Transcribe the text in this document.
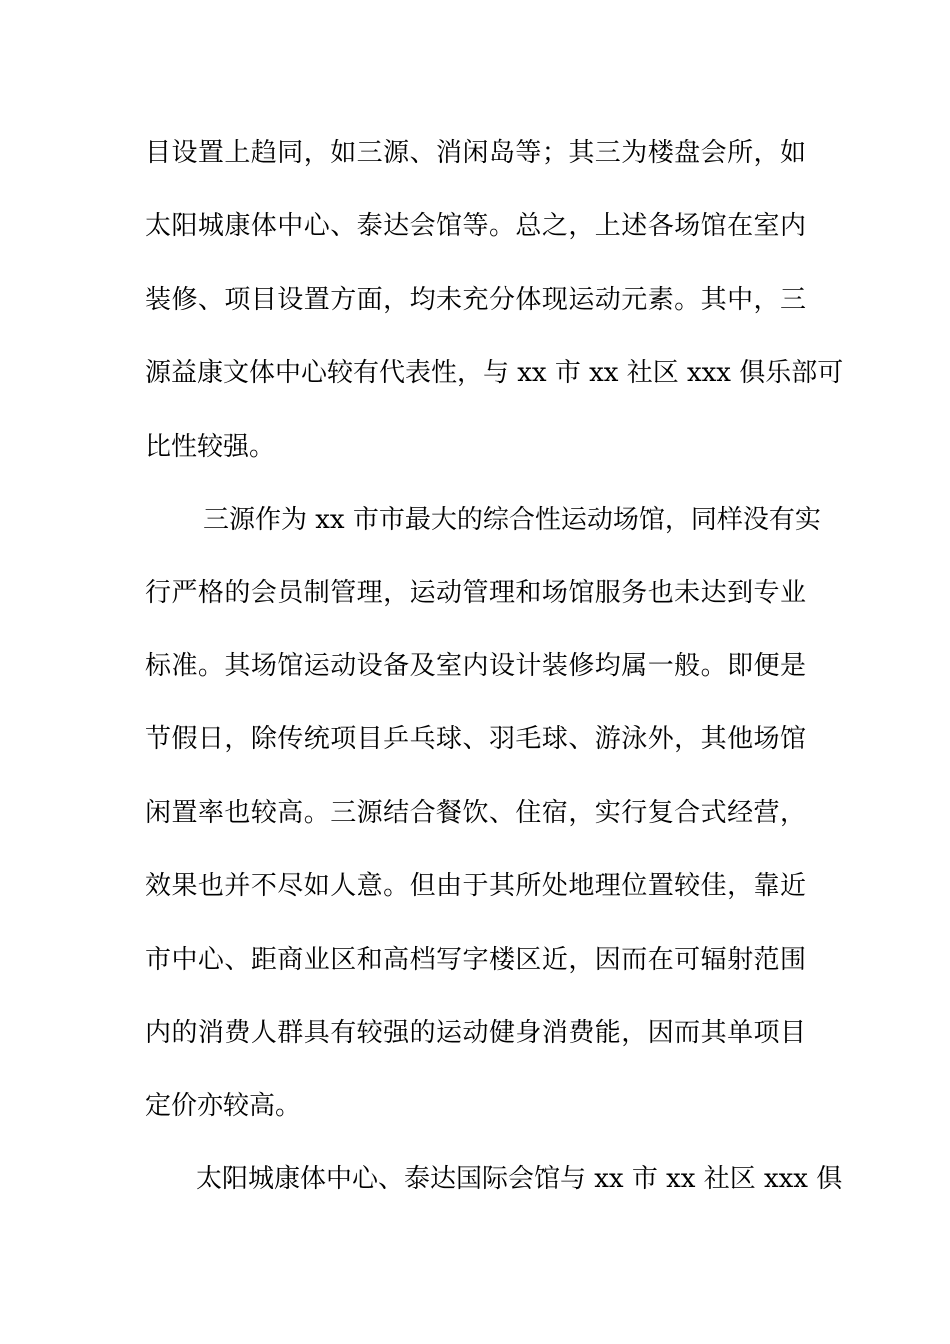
目设置上趋同，如三源、消闲岛等；其三为楼盘会所，如
太阳城康体中心、泰达会馆等。总之，上述各场馆在室内
装修、项目设置方面，均未充分体现运动元素。其中，三
源益康文体中心较有代表性，与 xx 市 xx 社区 xxx 俱乐部可
比性较强。
三源作为 xx 市市最大的综合性运动场馆，同样没有实
行严格的会员制管理，运动管理和场馆服务也未达到专业
标准。其场馆运动设备及室内设计装修均属一般。即便是
节假日，除传统项目乒乓球、羽毛球、游泳外，其他场馆
闲置率也较高。三源结合餐饮、住宿，实行复合式经营，
效果也并不尽如人意。但由于其所处地理位置较佳，靠近
市中心、距商业区和高档写字楼区近，因而在可辐射范围
内的消费人群具有较强的运动健身消费能，因而其单项目
定价亦较高。
太阳城康体中心、泰达国际会馆与 xx 市 xx 社区 xxx 俱
